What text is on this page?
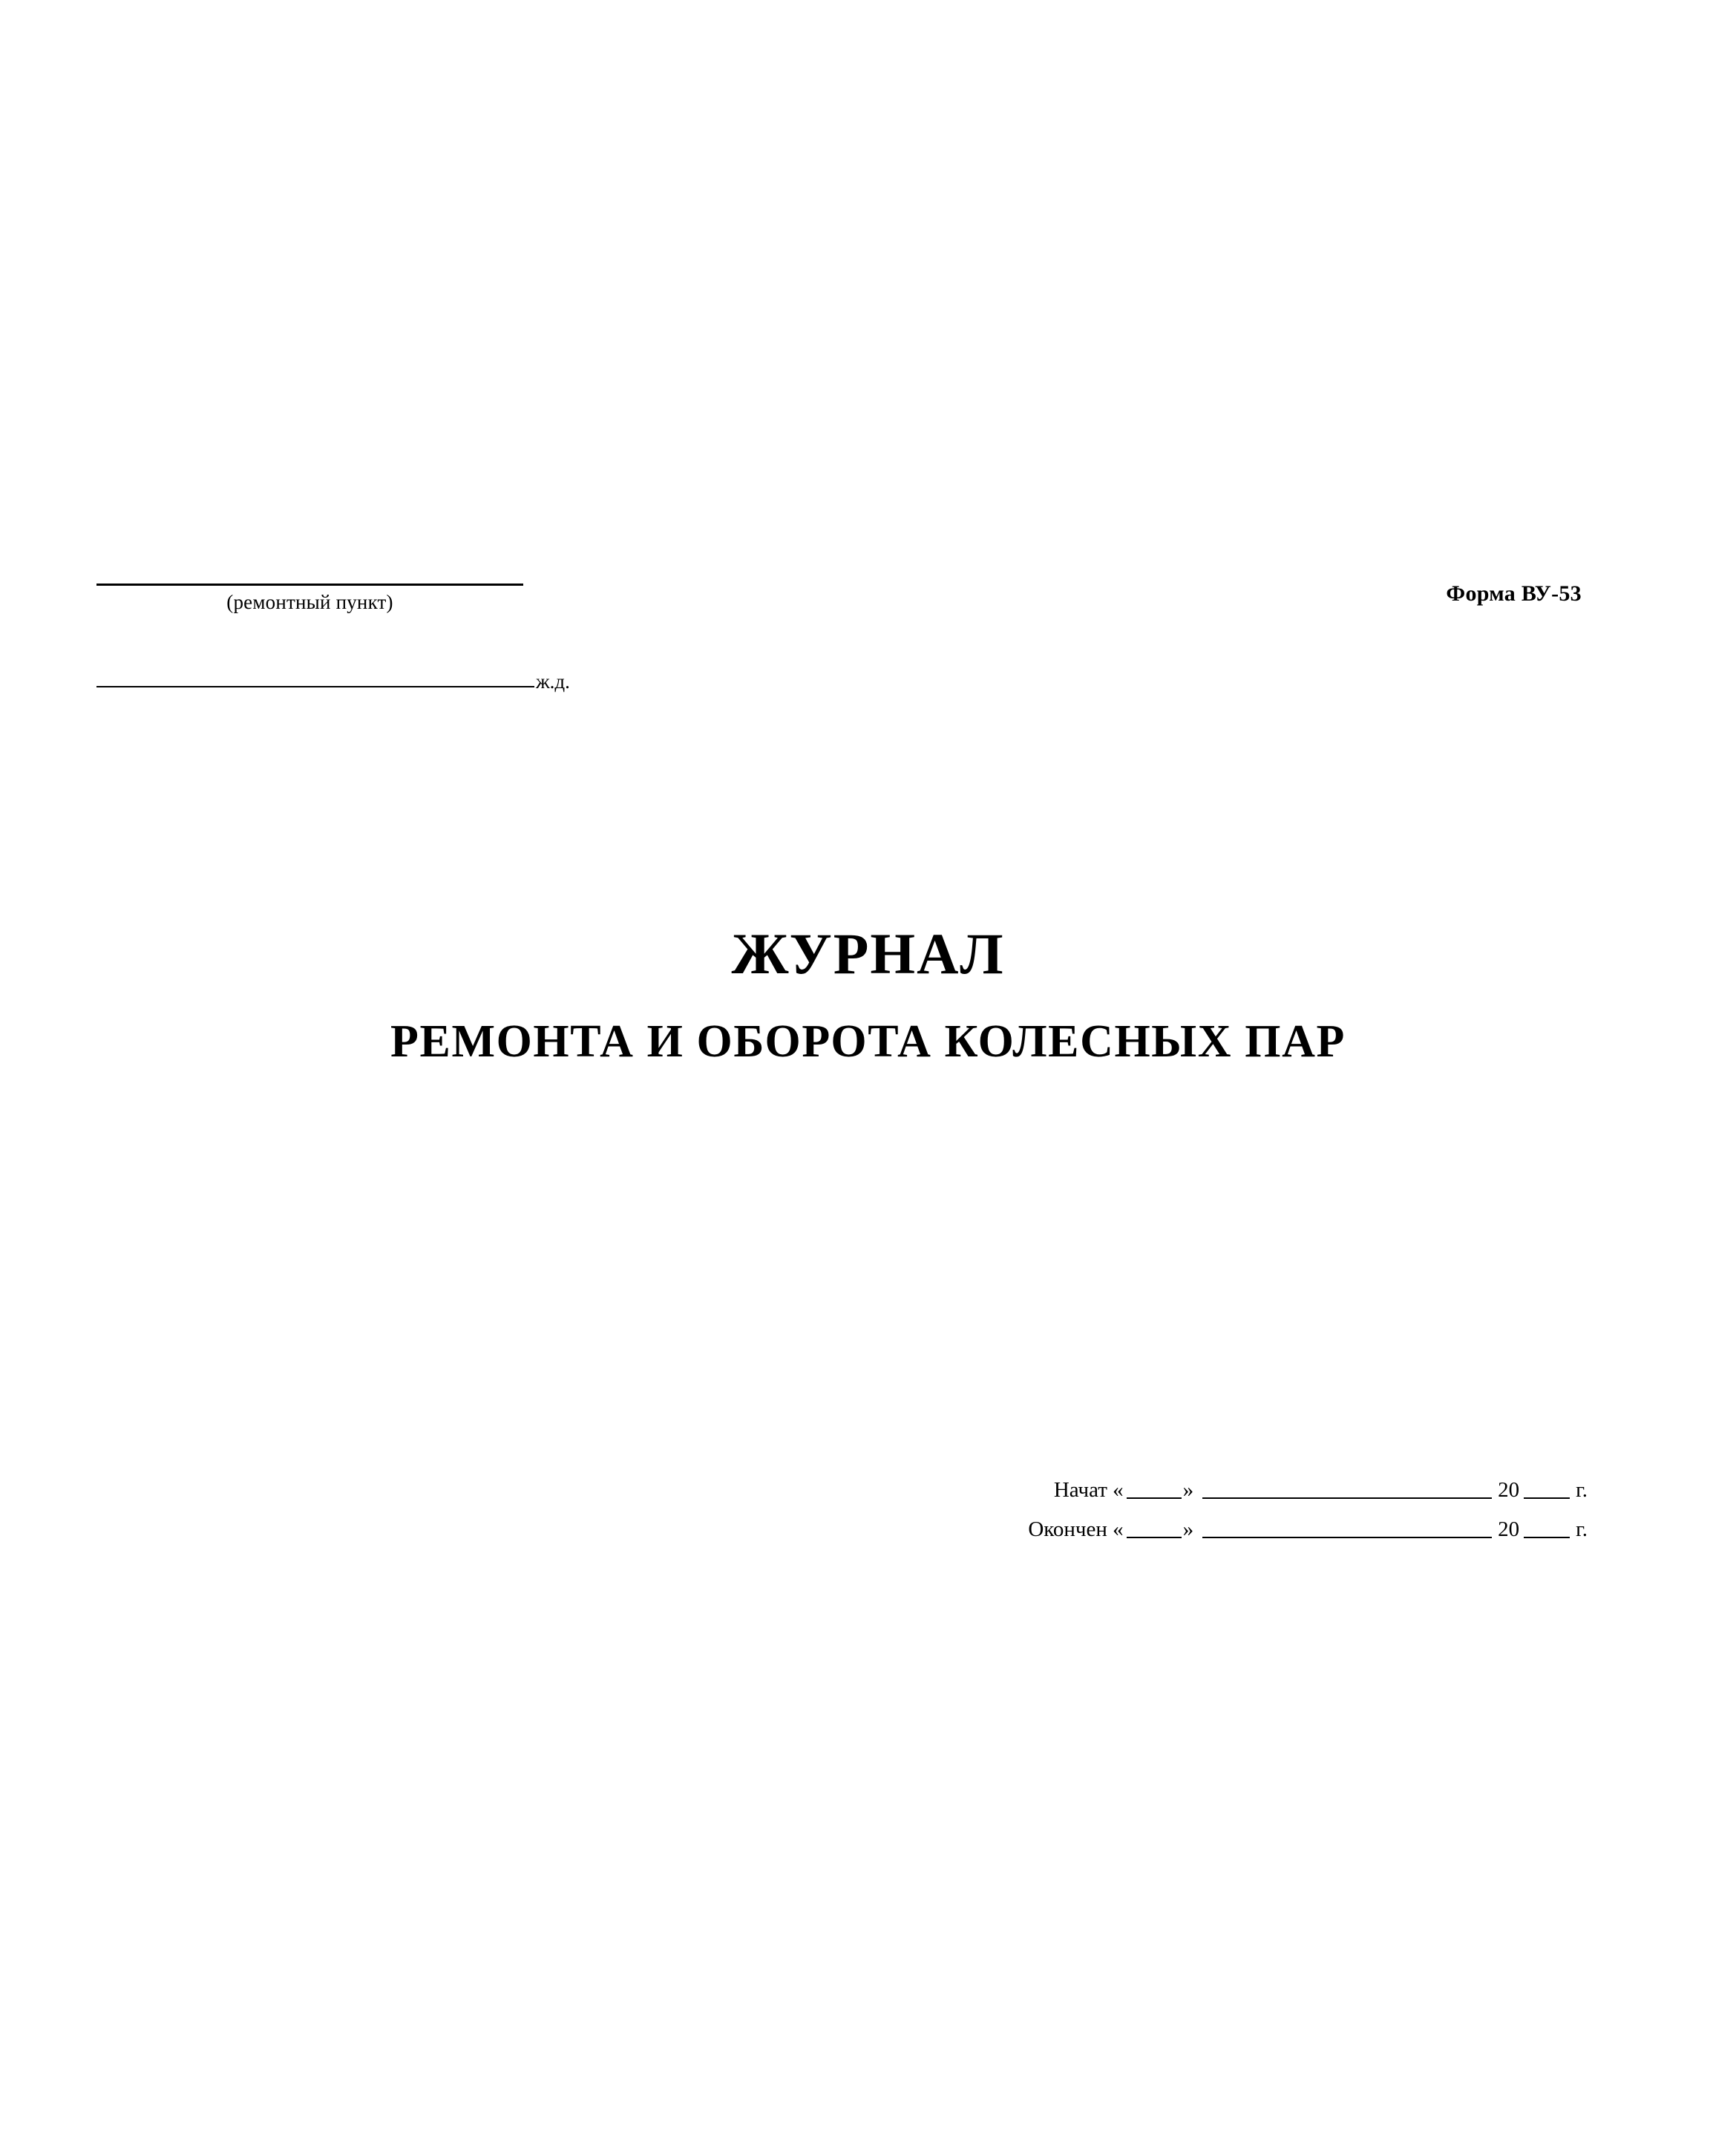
Форма ВУ-53
(ремонтный пункт)
ж.д.
ЖУРНАЛ
РЕМОНТА И ОБОРОТА КОЛЕСНЫХ ПАР
Начат «	»	20	г.
Окончен «	»	20	г.
